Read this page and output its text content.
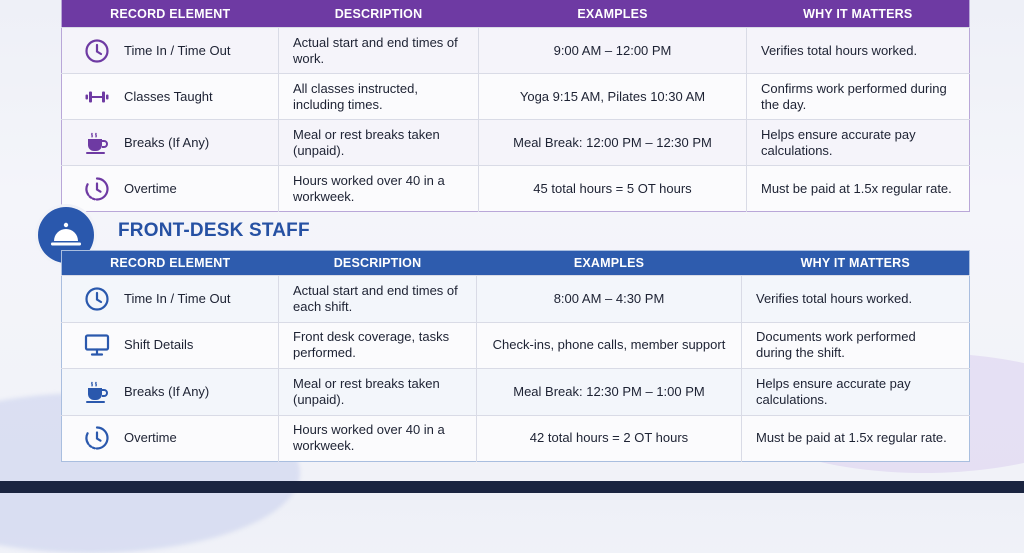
RECORD ELEMENT	DESCRIPTION	EXAMPLES	WHY IT MATTERS

Time In / Time Out	Actual start and end times of work.	9:00 AM – 12:00 PM	Verifies total hours worked.

Classes Taught	All classes instructed, including times.	Yoga 9:15 AM, Pilates 10:30 AM	Confirms work performed during the day.

Breaks (If Any)	Meal or rest breaks taken (unpaid).	Meal Break: 12:00 PM – 12:30 PM	Helps ensure accurate pay calculations.

Overtime	Hours worked over 40 in a workweek.	45 total hours = 5 OT hours	Must be paid at 1.5x regular rate.
FRONT-DESK STAFF
RECORD ELEMENT	DESCRIPTION	EXAMPLES	WHY IT MATTERS

Time In / Time Out	Actual start and end times of each shift.	8:00 AM – 4:30 PM	Verifies total hours worked.

Shift Details	Front desk coverage, tasks performed.	Check-ins, phone calls, member support	Documents work performed during the shift.

Breaks (If Any)	Meal or rest breaks taken (unpaid).	Meal Break: 12:30 PM – 1:00 PM	Helps ensure accurate pay calculations.

Overtime	Hours worked over 40 in a workweek.	42 total hours = 2 OT hours	Must be paid at 1.5x regular rate.
